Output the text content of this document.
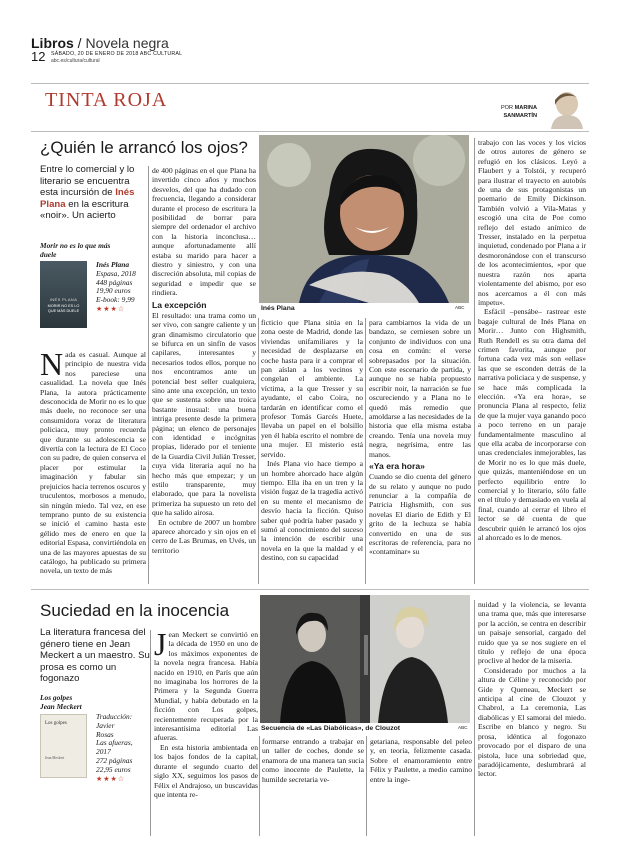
Libros / Novela negra
12 SÁBADO, 20 DE ENERO DE 2018 ABC CULTURAL
abc.es/cultura/cultural
TINTA ROJA	POR MARINA
SANMARTÍN
¿Quién le arrancó los ojos?
Entre lo comercial y lo literario se encuentra esta incursión de Inés Plana en la escritura «noir». Un acierto
Morir no es lo que más
duele
INÉS PLANA
MORIR NO ES LO QUE MÁS DUELE
Inés Plana
Espasa, 2018
448 páginas
19,90 euros
E-book: 9,99
★★★☆
Nada es casual. Aunque al principio de nuestra vida nos pareciese una casualidad. La novela que Inés Plana, la autora prácticamente desconocida de Morir no es lo que más duele, no reconoce ser una consumidora voraz de literatura policiaca, muy pronto recuerda que durante su adolescencia se divertía con la lectura de El Coco con su padre, de quien conserva el placer por estimular la imaginación y fabular sin prejuicios hacia terrenos oscuros y truculentos, morbosos a menudo, sin ningún miedo. Tal vez, en ese temprano punto de su existencia se inició el camino hasta este gélido mes de enero en que la editorial Espasa, convirtiéndola en una de las mayores apuestas de su catálogo, ha publicado su primera novela, un texto de más

de 400 páginas en el que Plana ha invertido cinco años y muchos desvelos, del que ha dudado con frecuencia, llegando a considerar durante el proceso de escritura la posibilidad de borrar para siempre del ordenador el archivo con la historia inconclusa… aunque afortunadamente allí estaba su marido para hacer a diestro y siniestro, y con una discreción absoluta, mil copias de seguridad e impedir que se rindiera.

La excepción

El resultado: una trama como un ser vivo, con sangre caliente y un gran dinamismo circulatorio que se bifurca en un sinfín de vasos capilares, interesantes y necesarios todos ellos, porque no nos encontramos ante un potencial best seller cualquiera, sino ante una excepción, un texto que se sustenta sobre una troica bastante inusual: una buena intriga presente desde la primera página; un elenco de personajes con identidad e incógnitas propias, liderado por el teniente de la Guardia Civil Julián Tresser, cuya vida literaria aquí no ha hecho más que empezar; y un estilo transparente, muy elaborado, que para la novelista primeriza ha supuesto un reto del que ha salido airosa.

En octubre de 2007 un hombre aparece ahorcado y sin ojos en el cerro de Las Brumas, en Uvés, un territorio

Inés Plana	ABC

ficticio que Plana sitúa en la zona oeste de Madrid, donde las viviendas unifamiliares y la necesidad de desplazarse en coche hasta para ir a comprar el pan aíslan a los vecinos y congelan el ambiente. La víctima, a la que Tresser y su ayudante, el cabo Coira, no tardarán en identificar como el profesor Tomás Garcés Huete, llevaba un papel en el bolsillo yen él había escrito el nombre de una mujer. El misterio está servido.

Inés Plana vio hace tiempo a un hombre ahorcado hace algún tiempo. Ella iba en un tren y la visión fugaz de la tragedia activó en su mente el mecanismo de desvío hacia la ficción. Quiso saber qué podría haber pasado y sumó al conocimiento del suceso la intención de escribir una novela en la que la maldad y el destino, con su capacidad

para cambiarnos la vida de un bandazo, se cerniesen sobre un conjunto de individuos con una cosa en común: el verse sobrepasados por la situación. Con este escenario de partida, y aunque no se había propuesto escribir noir, la narración se fue oscureciendo y a Plana no le quedó más remedio que amoldarse a las necesidades de la historia que ella misma estaba creando. Tenía una novela muy negra, negrísima, entre las manos.

«Ya era hora»

Cuando se dio cuenta del género de su relato y aunque no pudo renunciar a la compañía de Patricia Highsmith, con sus novelas El diario de Edith y El grito de la lechuza se había convertido en una de sus escritoras de referencia, para no «contaminar» su

trabajo con las voces y los vicios de otros autores de género se refugió en los clásicos. Leyó a Flaubert y a Tolstói, y recuperó para ilustrar el trayecto en autobús de una de sus protagonistas un poemario de Emily Dickinson. También volvió a Vila-Matas y escogió una cita de Poe como reflejo del estado anímico de Tresser, instalado en la perpetua inquietud, condenado por Plana a ir desmoronándose con el transcurso de los acontecimientos, «por que nuestra razón nos aparta violentamente del abismo, por eso nos acercamos a él con más ímpetu».

Esfácil –pensábe– rastrear este bagaje cultural de Inés Plana en Morir… Junto con Highsmith, Ruth Rendell es su otra dama del crimen favorita, aunque por fortuna cada vez más son «ellas» las que se esconden detrás de la narrativa policiaca y de suspense, y se hace más complicada la elección. «Ya era hora», se pronuncia Plana al respecto, feliz de que la mujer vaya ganando poco a poco terreno en un paraje fundamentalmente masculino al que ella acaba de incorporarse con unas credenciales inmejorables, las de Morir no es lo que más duele, que quizás, manteniéndose en un perfecto equilibrio entre lo comercial y lo literario, sólo falle en el título y demasiado en vuela al final, cuando al cerrar el libro el lector se dé cuenta de que descubrir quién le arrancó los ojos al ahorcado es lo de menos.

Suciedad en la inocencia
La literatura francesa del género tiene en Jean Meckert a un maestro. Su prosa es como un fogonazo
Los golpes
Jean Meckert
Los golpes
Jean Meckert
Traducción:
Javier
Rosas
Las afueras,
2017
272 páginas
22,95 euros
★★★☆
Jean Meckert se convirtió en la década de 1950 en uno de los máximos exponentes de la novela negra francesa. Había nacido en 1910, en París que aún no imaginaba los horrores de la Primera y la Segunda Guerra Mundial, y había debutado en la ficción con Los golpes, recientemente recuperada por la interesantísima editorial Las afueras.

En esta historia ambientada en los bajos fondos de la capital, durante el segundo cuarto del siglo XX, seguimos los pasos de Félix el Andrajoso, un buscavidas que intenta re-

Secuencia de «Las Diabólicas», de Clouzot	ABC

formarse entrando a trabajar en un taller de coches, donde se enamora de una manera tan sucia como inocente de Paulette, la humilde secretaria ve-

getariana, responsable del peleo y, en teoría, felizmente casada. Sobre el enamoramiento entre Félix y Paulette, a medio camino entre la inge-

nuidad y la violencia, se levanta una trama que, más que interesarse por la acción, se centra en describir un paisaje sensorial, cargado del ruido que ya se nos sugiere en el título y reflejo de una época proclive al hedor de la miseria.

Considerado por muchos a la altura de Céline y reconocido por Gide y Queneau, Meckert se anticipa al cine de Clouzot y Chabrol, a La ceremonia, Las diabólicas y El samorai del miedo. Escribe en blanco y negro. Su prosa, idéntica al fogonazo provocado por el disparo de una pistola, luce una sobriedad que, paradójicamente, deslumbrará al lector.
